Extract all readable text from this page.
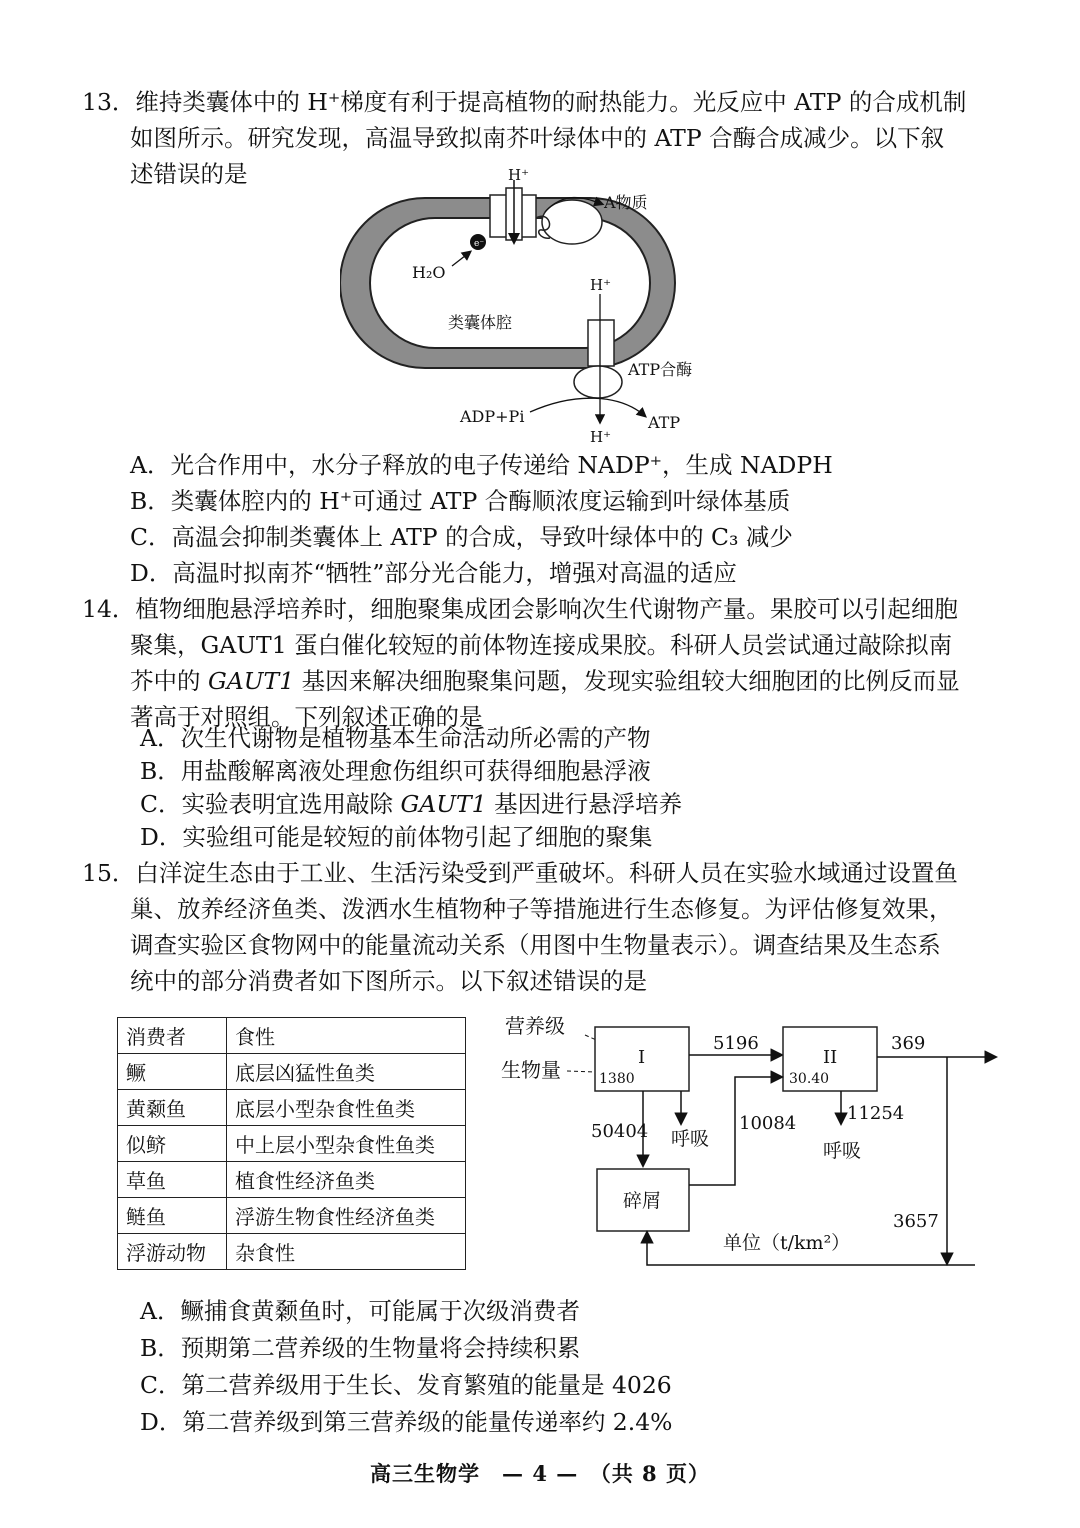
13．维持类囊体中的 H⁺梯度有利于提高植物的耐热能力。光反应中 ATP 的合成机制
如图所示。研究发现，高温导致拟南芥叶绿体中的 ATP 合酶合成减少。以下叙
述错误的是	H⁺
A物质
e⁻
H₂O
类囊体腔
H⁺
ATP合酶
ADP+Pi	ATP
H⁺
A．光合作用中，水分子释放的电子传递给 NADP⁺，生成 NADPH
B．类囊体腔内的 H⁺可通过 ATP 合酶顺浓度运输到叶绿体基质
C．高温会抑制类囊体上 ATP 的合成，导致叶绿体中的 C₃ 减少
D．高温时拟南芥“牺牲”部分光合能力，增强对高温的适应
14．植物细胞悬浮培养时，细胞聚集成团会影响次生代谢物产量。果胶可以引起细胞
聚集，GAUT1 蛋白催化较短的前体物连接成果胶。科研人员尝试通过敲除拟南
芥中的 GAUT1 基因来解决细胞聚集问题，发现实验组较大细胞团的比例反而显
著高于对照组。下列叙述正确的是
A．次生代谢物是植物基本生命活动所必需的产物
B．用盐酸解离液处理愈伤组织可获得细胞悬浮液
C．实验表明宜选用敲除 GAUT1 基因进行悬浮培养
D．实验组可能是较短的前体物引起了细胞的聚集
15．白洋淀生态由于工业、生活污染受到严重破坏。科研人员在实验水域通过设置鱼
巢、放养经济鱼类、泼洒水生植物种子等措施进行生态修复。为评估修复效果，
调查实验区食物网中的能量流动关系（用图中生物量表示）。调查结果及生态系
统中的部分消费者如下图所示。以下叙述错误的是
消费者	食性
鳜	底层凶猛性鱼类
黄颡鱼	底层小型杂食性鱼类
似鲚	中上层小型杂食性鱼类
草鱼	植食性经济鱼类
鲢鱼	浮游生物食性经济鱼类
浮游动物	杂食性
营养级
生物量
I
1380
5196
II
30.40
369
呼吸
50404
碎屑
10084	11254
呼吸
3657
单位（t/km²）
A．鳜捕食黄颡鱼时，可能属于次级消费者
B．预期第二营养级的生物量将会持续积累
C．第二营养级用于生长、发育繁殖的能量是 4026
D．第二营养级到第三营养级的能量传递率约 2.4%
高三生物学　— 4 —　（共 8 页）
